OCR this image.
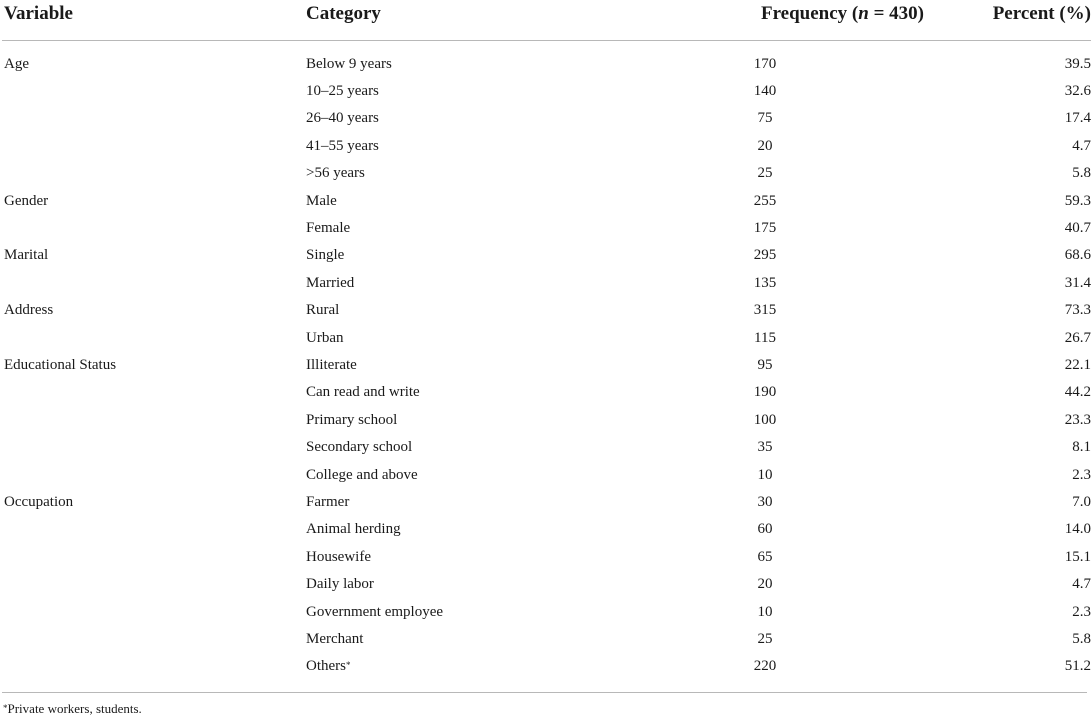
Variable	Category	Frequency (n = 430)	Percent (%)
Age	Below 9 years	170	39.5
	10–25 years	140	32.6
	26–40 years	75	17.4
	41–55 years	20	4.7
	>56 years	25	5.8
Gender	Male	255	59.3
	Female	175	40.7
Marital	Single	295	68.6
	Married	135	31.4
Address	Rural	315	73.3
	Urban	115	26.7
Educational Status	Illiterate	95	22.1
	Can read and write	190	44.2
	Primary school	100	23.3
	Secondary school	35	8.1
	College and above	10	2.3
Occupation	Farmer	30	7.0
	Animal herding	60	14.0
	Housewife	65	15.1
	Daily labor	20	4.7
	Government employee	10	2.3
	Merchant	25	5.8
	Others*	220	51.2
*Private workers, students.
